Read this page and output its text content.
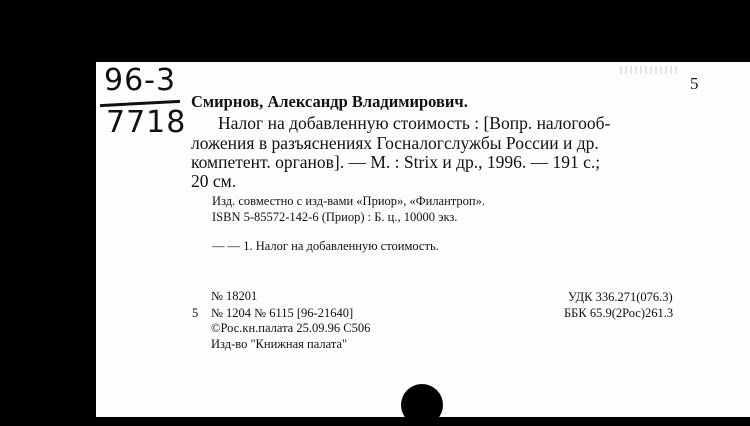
96-3
7718
5
Смирнов, Александр Владимирович.
Налог на добавленную стоимость : [Вопр. налогооб-
ложения в разъяснениях Госналогслужбы России и др.
компетент. органов]. — М. : Strix и др., 1996. — 191 с.;
20 см.
Изд. совместно с изд-вами «Приор», «Филантроп».
ISBN 5-85572-142-6 (Приор) : Б. ц., 10000 экз.
— — 1. Налог на добавленную стоимость.
№ 18201
5 № 1204 № 6115 [96-21640]
©Рос.кн.палата 25.09.96 С506
Изд-во "Книжная палата"
УДК 336.271(076.3)
ББК 65.9(2Рос)261.3
